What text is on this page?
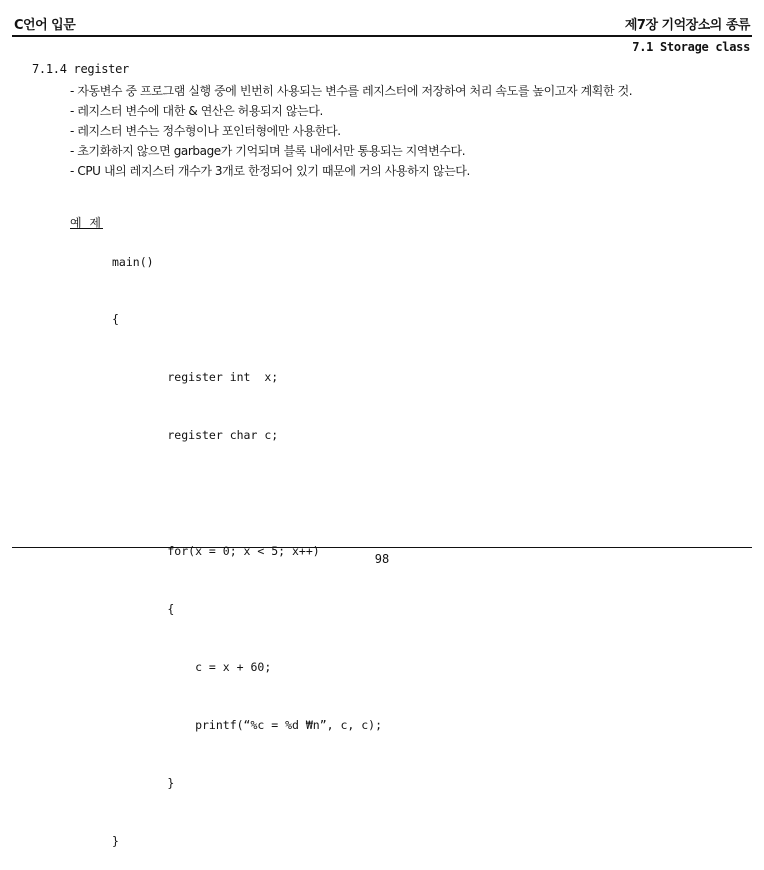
C언어 입문	제7장 기억장소의 종류
7.1 Storage class
7.1.4 register

- 자동변수 중 프로그램 실행 중에 빈번히 사용되는 변수를 레지스터에 저장하여 처리 속도를 높이고자 계획한 것.

- 레지스터 변수에 대한 & 연산은 허용되지 않는다.

- 레지스터 변수는 정수형이나 포인터형에만 사용한다.

- 초기화하지 않으면 garbage가 기억되며 블록 내에서만 통용되는 지역변수다.

- CPU 내의 레지스터 개수가 3개로 한정되어 있기 때문에 거의 사용하지 않는다.

예 제

main()

{

register int  x;

register char c;

for(x = 0; x < 5; x++)

{

c = x + 60;

printf(“%c = %d ₩n”, c, c);

}

}

98
